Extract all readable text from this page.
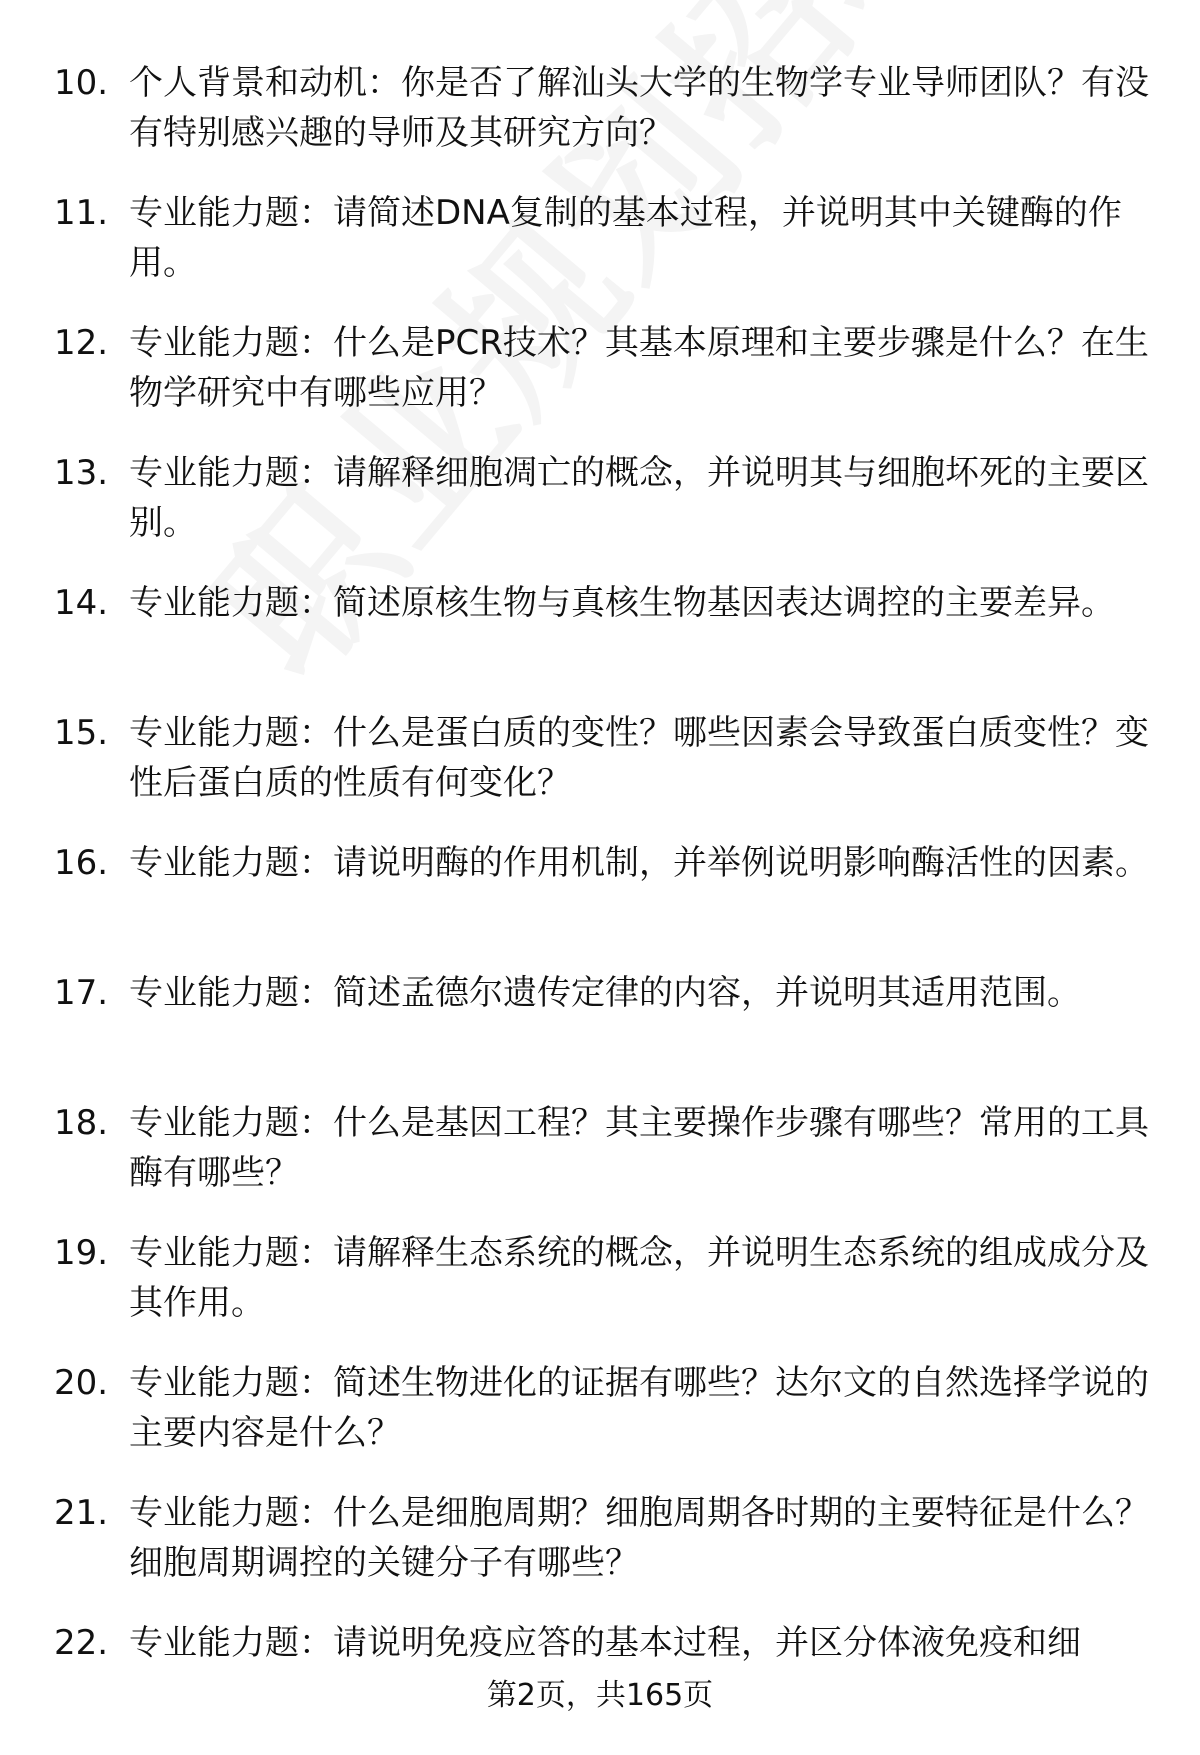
10. 个人背景和动机：你是否了解汕头大学的生物学专业导师团队？有没有特别感兴趣的导师及其研究方向？
11. 专业能力题：请简述DNA复制的基本过程，并说明其中关键酶的作用。
12. 专业能力题：什么是PCR技术？其基本原理和主要步骤是什么？在生物学研究中有哪些应用？
13. 专业能力题：请解释细胞凋亡的概念，并说明其与细胞坏死的主要区别。
14. 专业能力题：简述原核生物与真核生物基因表达调控的主要差异。
15. 专业能力题：什么是蛋白质的变性？哪些因素会导致蛋白质变性？变性后蛋白质的性质有何变化？
16. 专业能力题：请说明酶的作用机制，并举例说明影响酶活性的因素。
17. 专业能力题：简述孟德尔遗传定律的内容，并说明其适用范围。
18. 专业能力题：什么是基因工程？其主要操作步骤有哪些？常用的工具酶有哪些？
19. 专业能力题：请解释生态系统的概念，并说明生态系统的组成成分及其作用。
20. 专业能力题：简述生物进化的证据有哪些？达尔文的自然选择学说的主要内容是什么？
21. 专业能力题：什么是细胞周期？细胞周期各时期的主要特征是什么？细胞周期调控的关键分子有哪些？
22. 专业能力题：请说明免疫应答的基本过程，并区分体液免疫和细
第2页，共165页
